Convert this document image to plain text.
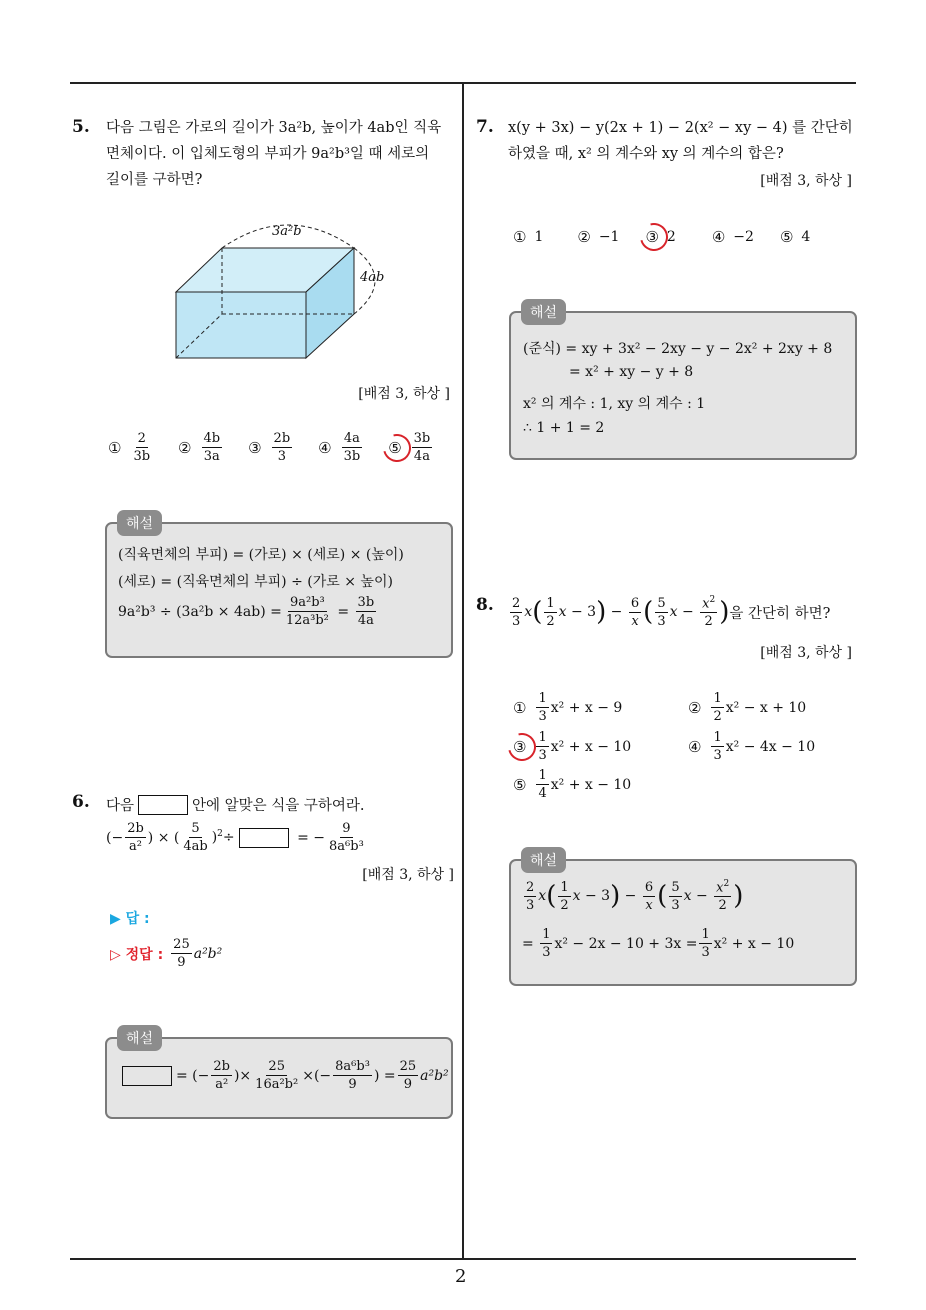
2
5. 다음 그림은 가로의 길이가 3a²b, 높이가 4ab인 직육
면체이다. 이 입체도형의 부피가 9a²b³일 때 세로의
길이를 구하면?
3a²b
4ab
[배점 3, 하상 ]
① $\frac{2}{3b}$ ② $\frac{4b}{3a}$ ③ $\frac{2b}{3}$ ④ $\frac{4a}{3b}$ ⑤ $\frac{3b}{4a}$
해설
(직육면체의 부피) = (가로) × (세로) × (높이)
(세로) = (직육면체의 부피) ÷ (가로 × 높이)
$9a^2b^3 \div (3a^2b \times 4ab) = \frac{\text{9a²b³}}{\text{12a³b²}} = \frac{3b}{4a}$
6. 다음	안에 알맞은 식을 구하여라.
(− $\frac{2b}{\text{a²}}$ ) × ( $\frac{5}{4ab} )^2\div$	= − $\frac{9}{\text{8a⁶b³}}$
[배점 3, 하상 ]
▶ 답 :
▷ 정답 : $\frac{25}{9} a^2b^2$
해설
= (− $\frac{2b}{\text{a²}}$ )× $\frac{25}{\text{16a²b²}}$ ×(− $\frac{\text{8a⁶b³}}{9}$ ) = $\frac{25}{9} a^2b^2$
7. x(y + 3x) − y(2x + 1) − 2(x² − xy − 4) 를 간단히
하였을 때, x² 의 계수와 xy 의 계수의 합은?
[배점 3, 하상 ]
① 1 ② −1 ③ 2 ④ −2 ⑤ 4
해설
(준식) = xy + 3x² − 2xy − y − 2x² + 2xy + 8
= x² + xy − y + 8
x² 의 계수 : 1, xy 의 계수 : 1
∴ 1 + 1 = 2
8. $\frac{2}{3}$ x ( $\frac{1}{2}$ x − 3 ) − $\frac{6}{x}$ ( $\frac{5}{3}$ $x - \frac{x^2}{2}$ ) 을 간단히 하면?
[배점 3, 하상 ]
① $\frac{1}{3} x^2 + x - 9$	② $\frac{1}{2} x^2 - x + 10$
③ $\frac{1}{3} x^2 + x - 10$	④ $\frac{1}{3} x^2 - 4x - 10$
⑤ $\frac{1}{4} x^2 + x - 10$
해설
$\frac{2}{3}$ x ( $\frac{1}{2}$ x − 3 ) − $\frac{6}{x}$ ( $\frac{5}{3}$ $x - \frac{x^2}{2}$ )
= $\frac{1}{3} x^2 - 2x - 10 + 3x = \frac{1}{3} x^2 + x - 10$
